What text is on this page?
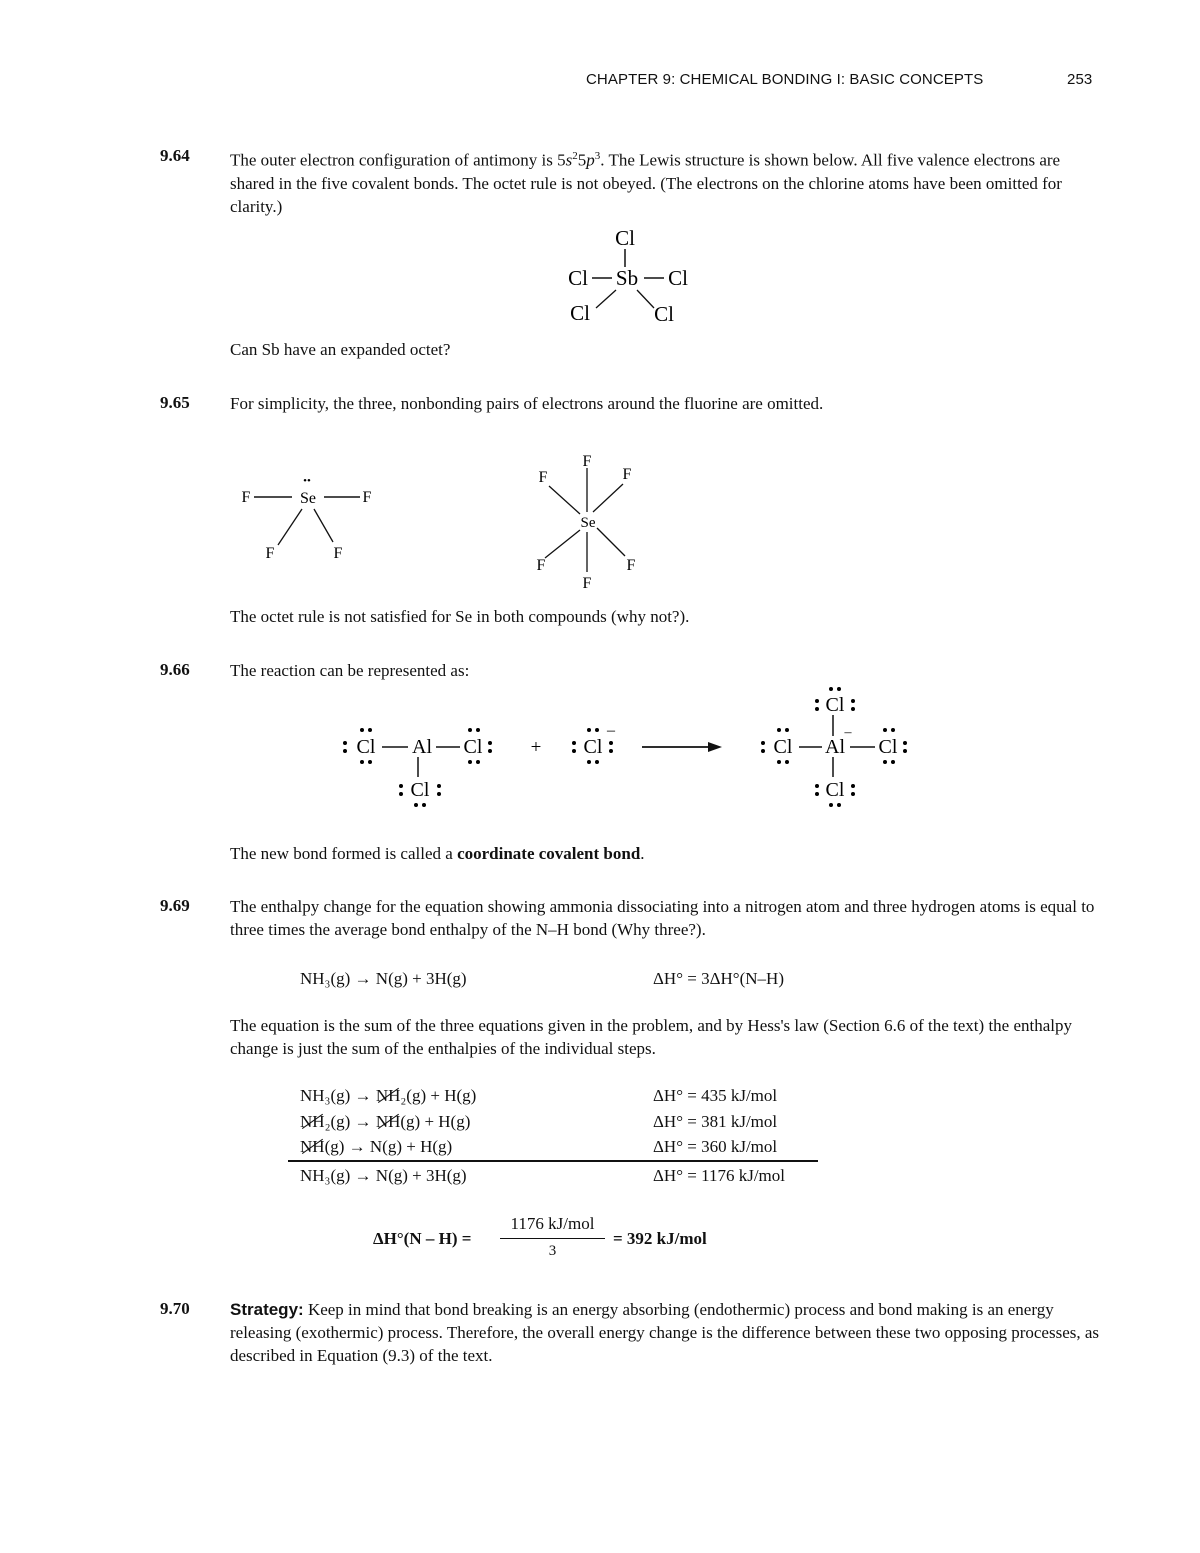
CHAPTER 9: CHEMICAL BONDING I: BASIC CONCEPTS	253
9.64 The outer electron configuration of antimony is $5s^25p^3$. The Lewis structure is shown below. All five valence electrons are shared in the five covalent bonds. The octet rule is not obeyed. (The electrons on the chlorine atoms have been omitted for clarity.)
Cl
Sb
Cl	Cl
Cl	Cl
Can Sb have an expanded octet?
9.65 For simplicity, the three, nonbonding pairs of electrons around the fluorine are omitted.
F
••
Se	F
F	F
F
F	F
Se
F	F
F
The octet rule is not satisfied for Se in both compounds (why not?).
9.66 The reaction can be represented as:
Cl Al Cl
Cl
+ Cl
–
Cl Al
–
Cl
Cl
Cl
The new bond formed is called a coordinate covalent bond.
9.69 The enthalpy change for the equation showing ammonia dissociating into a nitrogen atom and three hydrogen atoms is equal to three times the average bond enthalpy of the N–H bond (Why three?).
NH₃(g) → N(g) + 3H(g)	ΔH° = 3ΔH°(N–H)
The equation is the sum of the three equations given in the problem, and by Hess's law (Section 6.6 of the text) the enthalpy change is just the sum of the enthalpies of the individual steps.
NH₃(g) → NH₂(g) + H(g)	ΔH° = 435 kJ/mol
NH₂(g) → NH(g) + H(g)	ΔH° = 381 kJ/mol
NH(g) → N(g) + H(g)	ΔH° = 360 kJ/mol
NH₃(g) → N(g) + 3H(g)	ΔH° = 1176 kJ/mol
ΔH°(N – H) =
1176 kJ/mol
3
= 392 kJ/mol
9.70 Strategy: Keep in mind that bond breaking is an energy absorbing (endothermic) process and bond making is an energy releasing (exothermic) process. Therefore, the overall energy change is the difference between these two opposing processes, as described in Equation (9.3) of the text.
